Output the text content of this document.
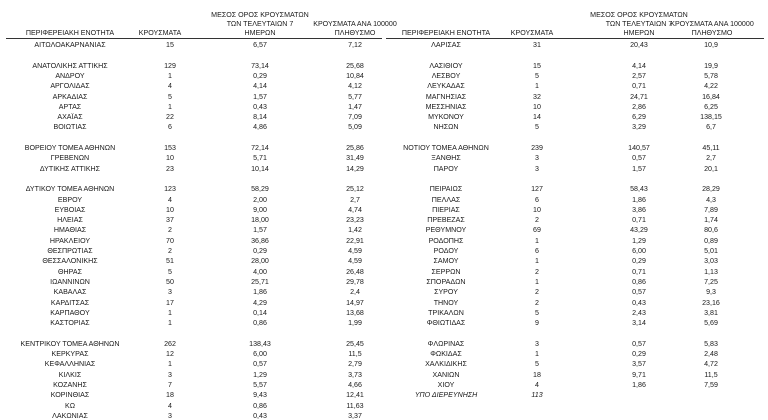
ΜΕΣΟΣ ΟΡΟΣ ΚΡΟΥΣΜΑΤΩΝ
ΤΩΝ ΤΕΛΕΥΤΑΙΩΝ 7
ΗΜΕΡΩΝ
ΚΡΟΥΣΜΑΤΑ ΑΝΑ 100000
ΠΛΗΘΥΣΜΟ
ΠΕΡΙΦΕΡΕΙΑΚΗ ΕΝΟΤΗΤΑ	ΚΡΟΥΣΜΑΤΑ
ΑΙΤΩΛΟΑΚΑΡΝΑΝΙΑΣ	15	6,57	7,12
ΑΝΑΤΟΛΙΚΗΣ ΑΤΤΙΚΗΣ	129	73,14	25,68
ΑΝΔΡΟΥ	1	0,29	10,84
ΑΡΓΟΛΙΔΑΣ	4	4,14	4,12
ΑΡΚΑΔΙΑΣ	5	1,57	5,77
ΑΡΤΑΣ	1	0,43	1,47
ΑΧΑΪΑΣ	22	8,14	7,09
ΒΟΙΩΤΙΑΣ	6	4,86	5,09
ΒΟΡΕΙΟΥ ΤΟΜΕΑ ΑΘΗΝΩΝ	153	72,14	25,86
ΓΡΕΒΕΝΩΝ	10	5,71	31,49
ΔΥΤΙΚΗΣ ΑΤΤΙΚΗΣ	23	10,14	14,29
ΔΥΤΙΚΟΥ ΤΟΜΕΑ ΑΘΗΝΩΝ	123	58,29	25,12
ΕΒΡΟΥ	4	2,00	2,7
ΕΥΒΟΙΑΣ	10	9,00	4,74
ΗΛΕΙΑΣ	37	18,00	23,23
ΗΜΑΘΙΑΣ	2	1,57	1,42
ΗΡΑΚΛΕΙΟΥ	70	36,86	22,91
ΘΕΣΠΡΩΤΙΑΣ	2	0,29	4,59
ΘΕΣΣΑΛΟΝΙΚΗΣ	51	28,00	4,59
ΘΗΡΑΣ	5	4,00	26,48
ΙΩΑΝΝΙΝΩΝ	50	25,71	29,78
ΚΑΒΑΛΑΣ	3	1,86	2,4
ΚΑΡΔΙΤΣΑΣ	17	4,29	14,97
ΚΑΡΠΑΘΟΥ	1	0,14	13,68
ΚΑΣΤΟΡΙΑΣ	1	0,86	1,99
ΚΕΝΤΡΙΚΟΥ ΤΟΜΕΑ ΑΘΗΝΩΝ	262	138,43	25,45
ΚΕΡΚΥΡΑΣ	12	6,00	11,5
ΚΕΦΑΛΛΗΝΙΑΣ	1	0,57	2,79
ΚΙΛΚΙΣ	3	1,29	3,73
ΚΟΖΑΝΗΣ	7	5,57	4,66
ΚΟΡΙΝΘΙΑΣ	18	9,43	12,41
ΚΩ	4	0,86	11,63
ΛΑΚΩΝΙΑΣ	3	0,43	3,37
ΜΕΣΟΣ ΟΡΟΣ ΚΡΟΥΣΜΑΤΩΝ
ΤΩΝ ΤΕΛΕΥΤΑΙΩΝ 7
ΗΜΕΡΩΝ
ΚΡΟΥΣΜΑΤΑ ΑΝΑ 100000
ΠΛΗΘΥΣΜΟ
ΠΕΡΙΦΕΡΕΙΑΚΗ ΕΝΟΤΗΤΑ	ΚΡΟΥΣΜΑΤΑ
ΛΑΡΙΣΑΣ	31	20,43	10,9
ΛΑΣΙΘΙΟΥ	15	4,14	19,9
ΛΕΣΒΟΥ	5	2,57	5,78
ΛΕΥΚΑΔΑΣ	1	0,71	4,22
ΜΑΓΝΗΣΙΑΣ	32	24,71	16,84
ΜΕΣΣΗΝΙΑΣ	10	2,86	6,25
ΜΥΚΟΝΟΥ	14	6,29	138,15
ΝΗΣΩΝ	5	3,29	6,7
ΝΟΤΙΟΥ ΤΟΜΕΑ ΑΘΗΝΩΝ	239	140,57	45,11
ΞΑΝΘΗΣ	3	0,57	2,7
ΠΑΡΟΥ	3	1,57	20,1
ΠΕΙΡΑΙΩΣ	127	58,43	28,29
ΠΕΛΛΑΣ	6	1,86	4,3
ΠΙΕΡΙΑΣ	10	3,86	7,89
ΠΡΕΒΕΖΑΣ	2	0,71	1,74
ΡΕΘΥΜΝΟΥ	69	43,29	80,6
ΡΟΔΟΠΗΣ	1	1,29	0,89
ΡΟΔΟΥ	6	6,00	5,01
ΣΑΜΟΥ	1	0,29	3,03
ΣΕΡΡΩΝ	2	0,71	1,13
ΣΠΟΡΑΔΩΝ	1	0,86	7,25
ΣΥΡΟΥ	2	0,57	9,3
ΤΗΝΟΥ	2	0,43	23,16
ΤΡΙΚΑΛΩΝ	5	2,43	3,81
ΦΘΙΩΤΙΔΑΣ	9	3,14	5,69
ΦΛΩΡΙΝΑΣ	3	0,57	5,83
ΦΩΚΙΔΑΣ	1	0,29	2,48
ΧΑΛΚΙΔΙΚΗΣ	5	3,57	4,72
ΧΑΝΙΩΝ	18	9,71	11,5
ΧΙΟΥ	4	1,86	7,59
ΥΠΟ ΔΙΕΡΕΥΝΗΣΗ	113
